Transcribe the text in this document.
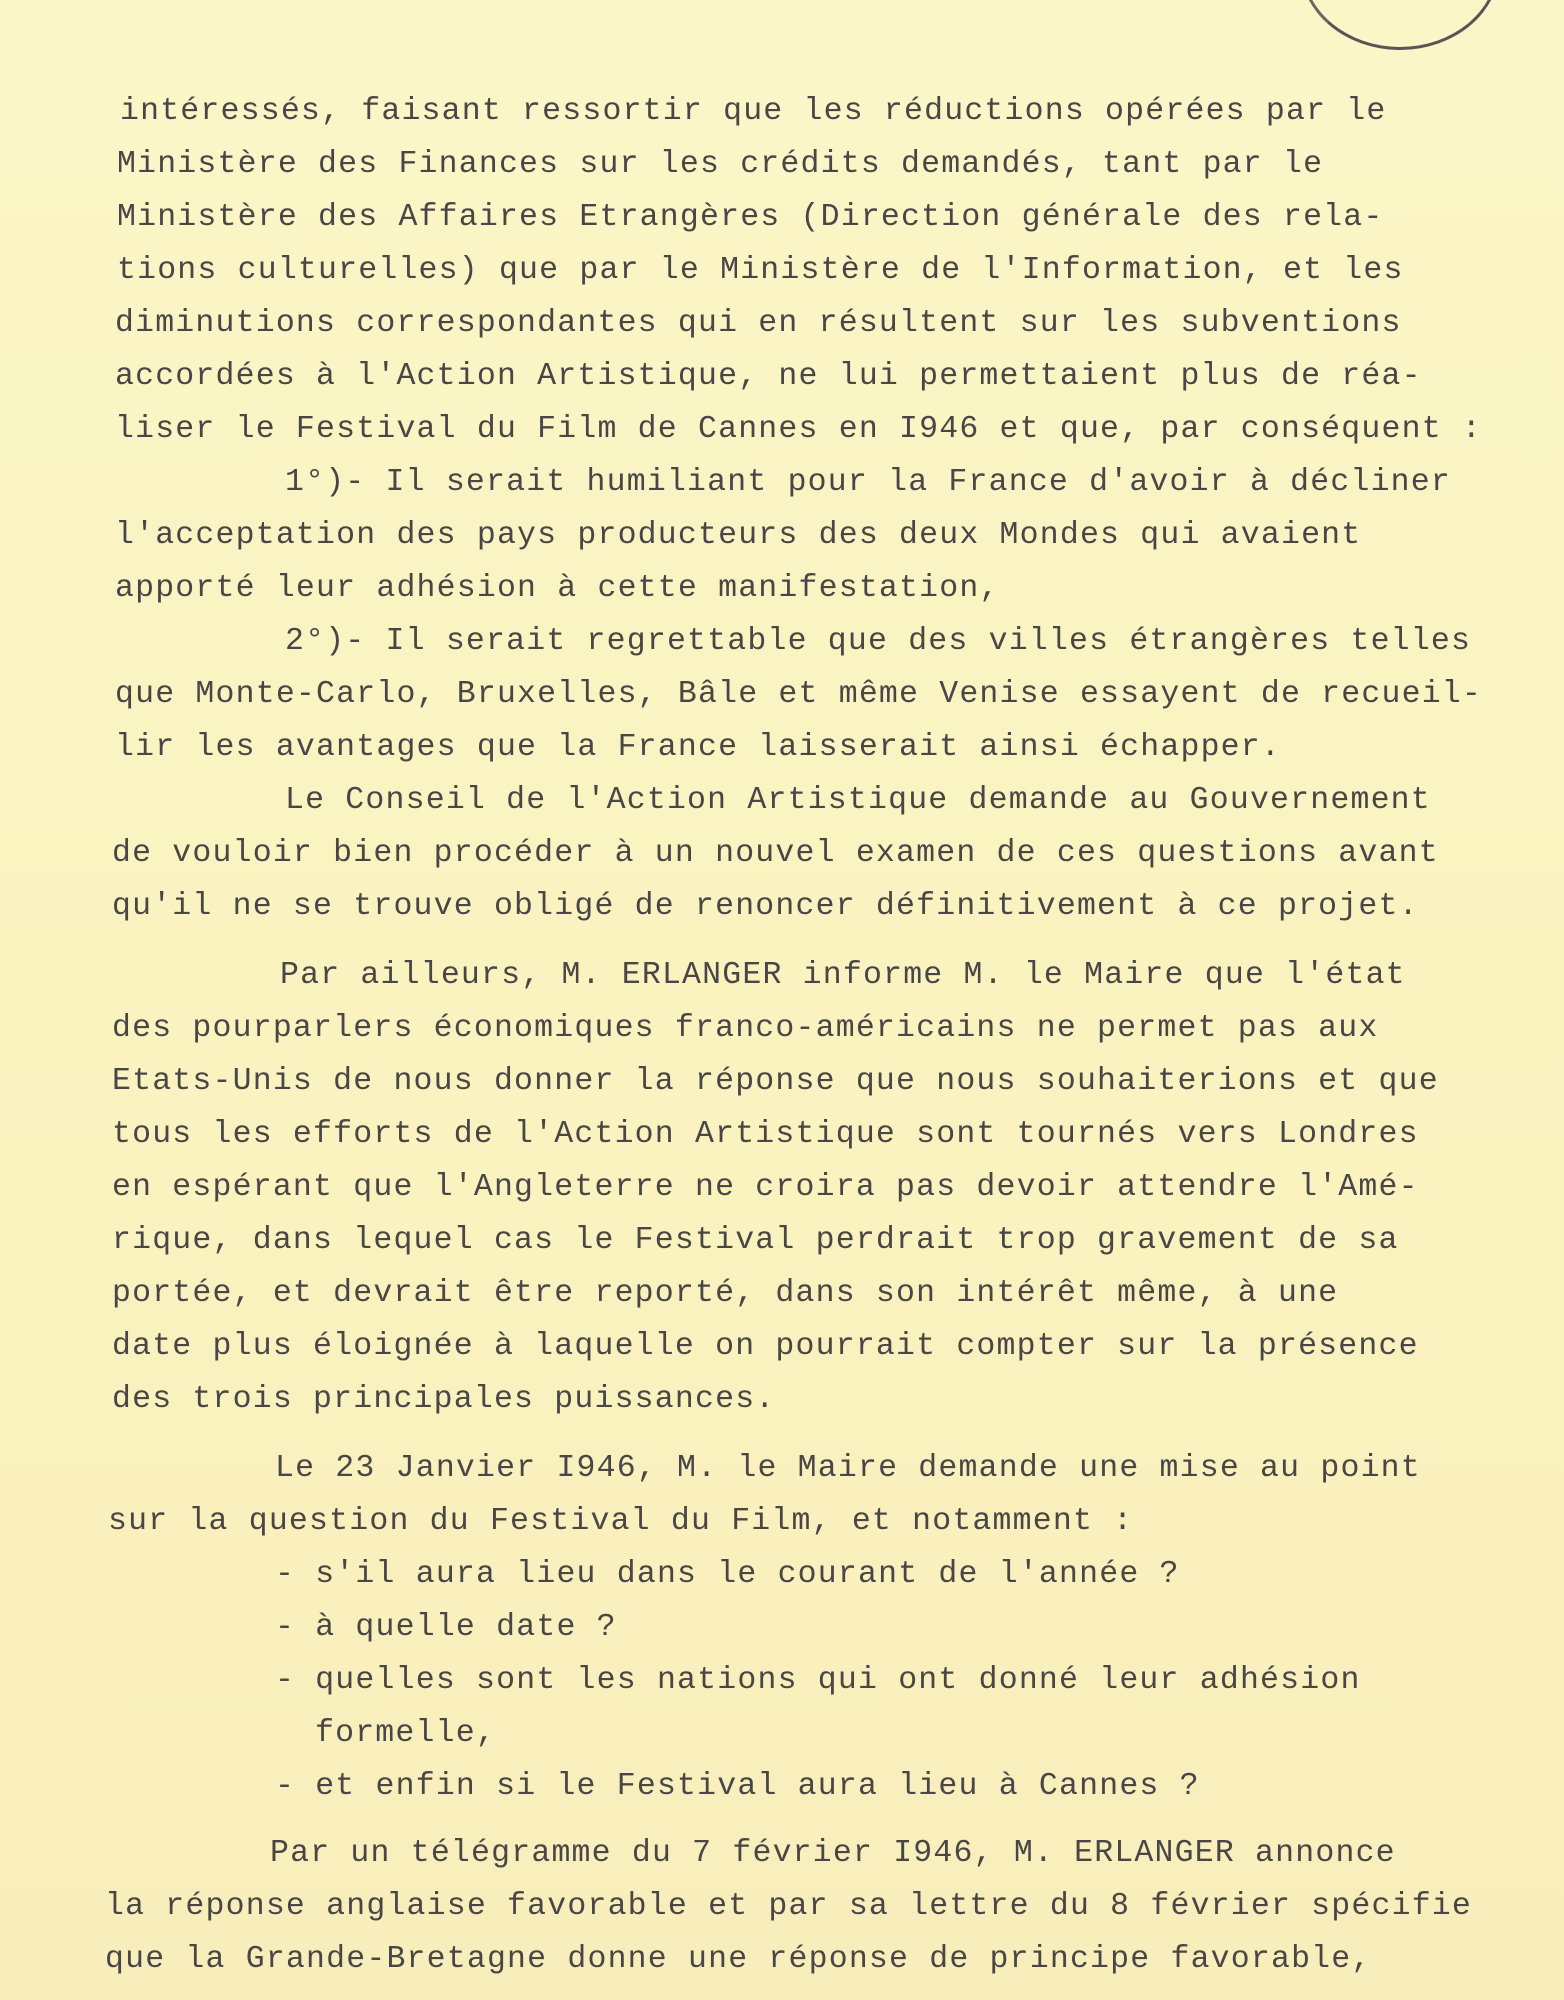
intéressés, faisant ressortir que les réductions opérées par le
Ministère des Finances sur les crédits demandés, tant par le
Ministère des Affaires Etrangères (Direction générale des rela-
tions culturelles) que par le Ministère de l'Information, et les
diminutions correspondantes qui en résultent sur les subventions
accordées à l'Action Artistique, ne lui permettaient plus de réa-
liser le Festival du Film de Cannes en I946 et que, par conséquent :
1°)- Il serait humiliant pour la France d'avoir à décliner
l'acceptation des pays producteurs des deux Mondes qui avaient
apporté leur adhésion à cette manifestation,
2°)- Il serait regrettable que des villes étrangères telles
que Monte-Carlo, Bruxelles, Bâle et même Venise essayent de recueil-
lir les avantages que la France laisserait ainsi échapper.
Le Conseil de l'Action Artistique demande au Gouvernement
de vouloir bien procéder à un nouvel examen de ces questions avant
qu'il ne se trouve obligé de renoncer définitivement à ce projet.
Par ailleurs, M. ERLANGER informe M. le Maire que l'état
des pourparlers économiques franco-américains ne permet pas aux
Etats-Unis de nous donner la réponse que nous souhaiterions et que
tous les efforts de l'Action Artistique sont tournés vers Londres
en espérant que l'Angleterre ne croira pas devoir attendre l'Amé-
rique, dans lequel cas le Festival perdrait trop gravement de sa
portée, et devrait être reporté, dans son intérêt même, à une
date plus éloignée à laquelle on pourrait compter sur la présence
des trois principales puissances.
Le 23 Janvier I946, M. le Maire demande une mise au point
sur la question du Festival du Film, et notamment :
- s'il aura lieu dans le courant de l'année ?
- à quelle date ?
- quelles sont les nations qui ont donné leur adhésion
formelle,
- et enfin si le Festival aura lieu à Cannes ?
Par un télégramme du 7 février I946, M. ERLANGER annonce
la réponse anglaise favorable et par sa lettre du 8 février spécifie
que la Grande-Bretagne donne une réponse de principe favorable,
